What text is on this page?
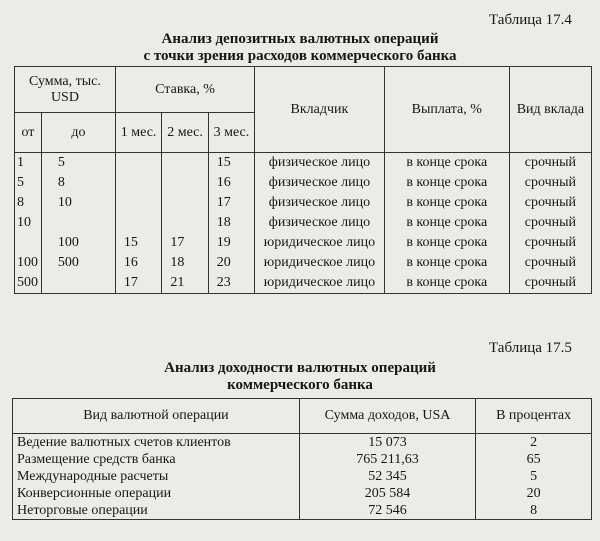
Таблица 17.4
Анализ депозитных валютных операций
с точки зрения расходов коммерческого банка
Сумма, тыс. USD		Ставка, %			Вкладчик	Выплата, %	Вид вклада
от	до	1 мес.	2 мес.	3 мес.			
1	5			15	физическое лицо	в конце срока	срочный
5	8			16	физическое лицо	в конце срока	срочный
8	10			17	физическое лицо	в конце срока	срочный
10				18	физическое лицо	в конце срока	срочный
	100	15	17	19	юридическое лицо	в конце срока	срочный
100	500	16	18	20	юридическое лицо	в конце срока	срочный
500		17	21	23	юридическое лицо	в конце срока	срочный
Таблица 17.5
Анализ доходности валютных операций
коммерческого банка
Вид валютной операции	Сумма доходов, USA	В процентах
Ведение валютных счетов клиентов	15 073	2
Размещение средств банка	765 211,63	65
Международные расчеты	52 345	5
Конверсионные операции	205 584	20
Неторговые операции	72 546	8
